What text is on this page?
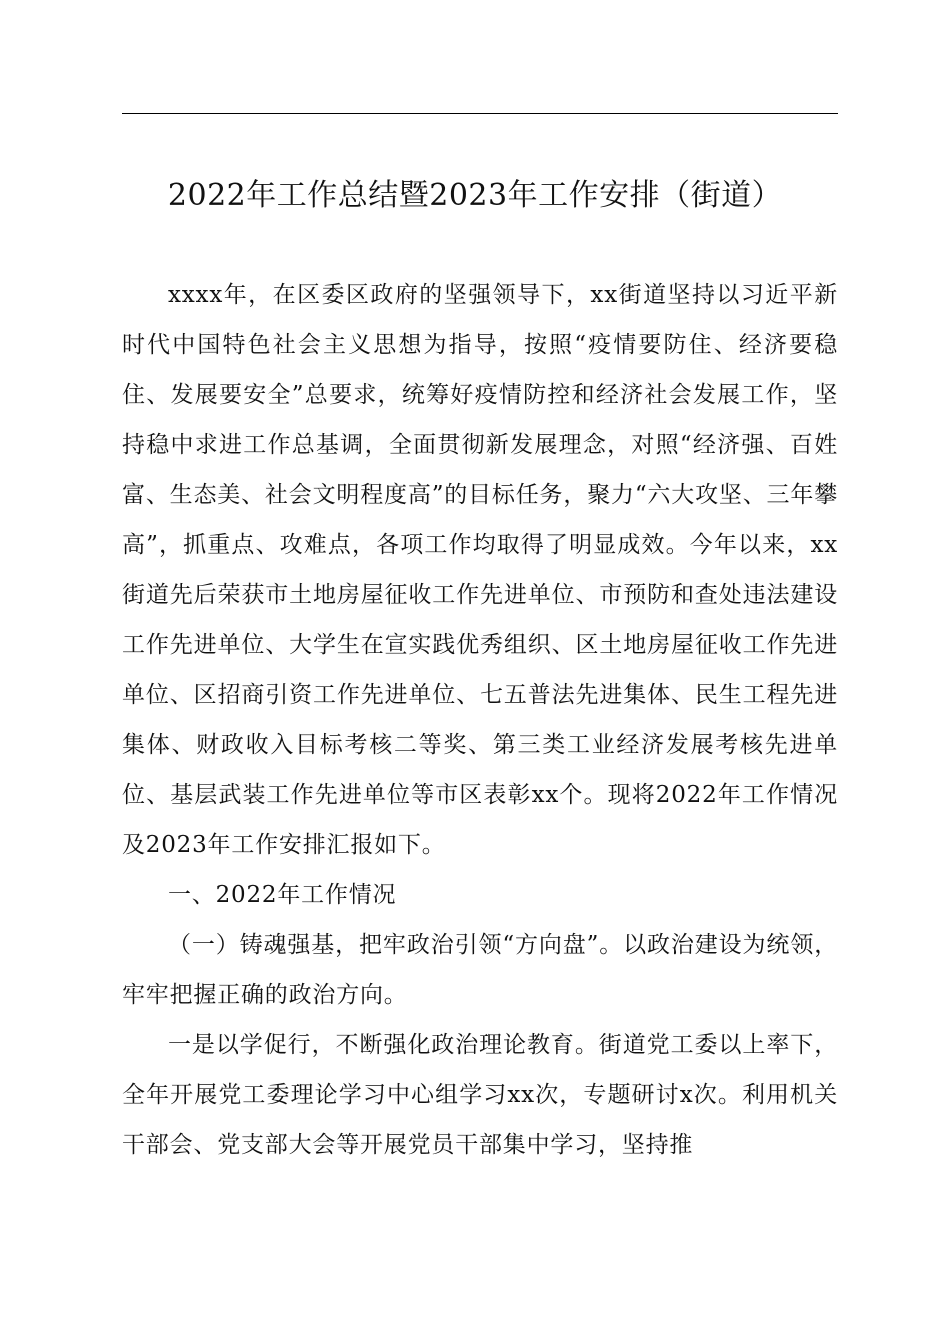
2022年工作总结暨2023年工作安排（街道）

xxxx年，在区委区政府的坚强领导下，xx街道坚持以习近平新时代中国特色社会主义思想为指导，按照“疫情要防住、经济要稳住、发展要安全”总要求，统筹好疫情防控和经济社会发展工作，坚持稳中求进工作总基调，全面贯彻新发展理念，对照“经济强、百姓富、生态美、社会文明程度高”的目标任务，聚力“六大攻坚、三年攀高”，抓重点、攻难点，各项工作均取得了明显成效。今年以来，xx街道先后荣获市土地房屋征收工作先进单位、市预防和查处违法建设工作先进单位、大学生在宣实践优秀组织、区土地房屋征收工作先进单位、区招商引资工作先进单位、七五普法先进集体、民生工程先进集体、财政收入目标考核二等奖、第三类工业经济发展考核先进单位、基层武装工作先进单位等市区表彰xx个。现将2022年工作情况及2023年工作安排汇报如下。

一、2022年工作情况

（一）铸魂强基，把牢政治引领“方向盘”。以政治建设为统领，牢牢把握正确的政治方向。

一是以学促行，不断强化政治理论教育。街道党工委以上率下，全年开展党工委理论学习中心组学习xx次，专题研讨x次。利用机关干部会、党支部大会等开展党员干部集中学习，坚持推
